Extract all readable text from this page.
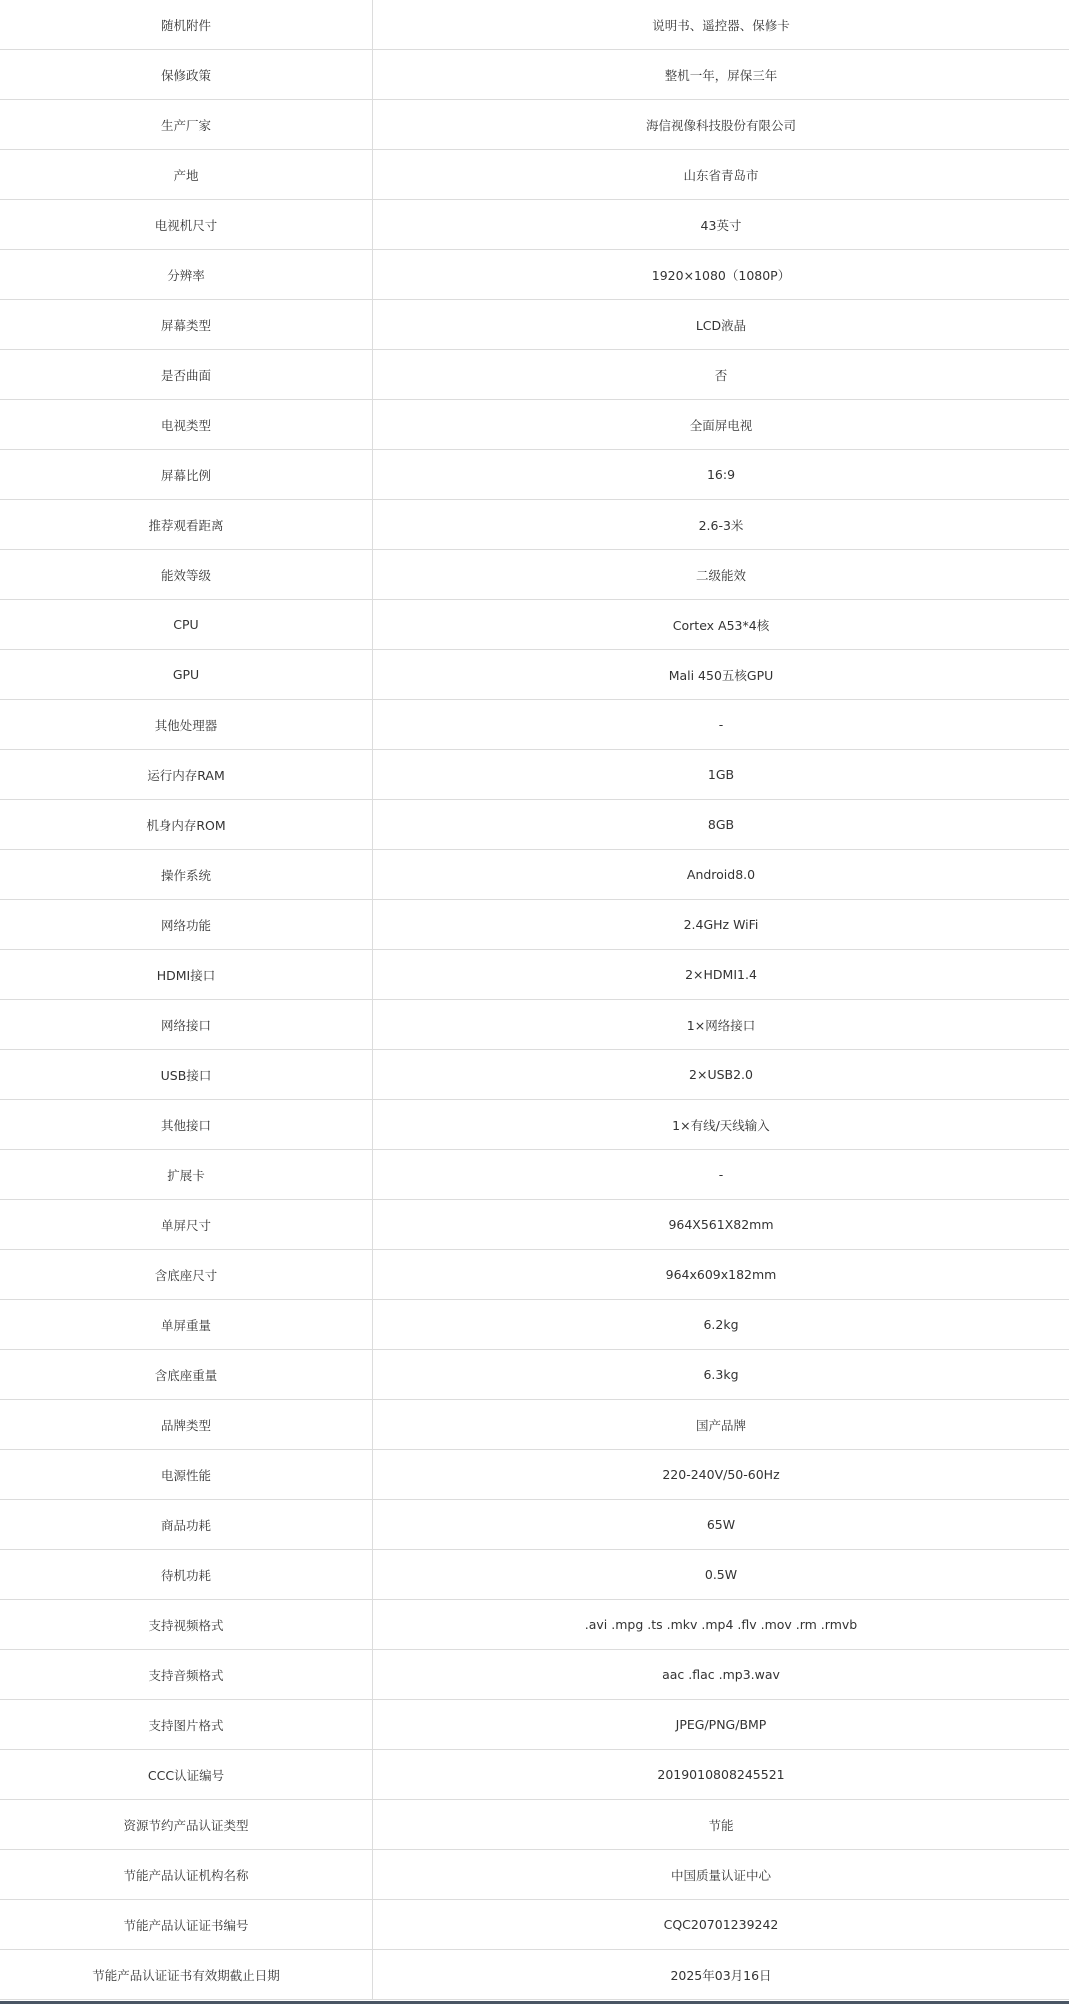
随机附件	说明书、遥控器、保修卡
保修政策	整机一年，屏保三年
生产厂家	海信视像科技股份有限公司
产地	山东省青岛市
电视机尺寸	43英寸
分辨率	1920×1080（1080P）
屏幕类型	LCD液晶
是否曲面	否
电视类型	全面屏电视
屏幕比例	16:9
推荐观看距离	2.6-3米
能效等级	二级能效
CPU	Cortex A53*4核
GPU	Mali 450五核GPU
其他处理器	-
运行内存RAM	1GB
机身内存ROM	8GB
操作系统	Android8.0
网络功能	2.4GHz WiFi
HDMI接口	2×HDMI1.4
网络接口	1×网络接口
USB接口	2×USB2.0
其他接口	1×有线/天线输入
扩展卡	-
单屏尺寸	964X561X82mm
含底座尺寸	964x609x182mm
单屏重量	6.2kg
含底座重量	6.3kg
品牌类型	国产品牌
电源性能	220-240V/50-60Hz
商品功耗	65W
待机功耗	0.5W
支持视频格式	.avi .mpg .ts .mkv .mp4 .flv .mov .rm .rmvb
支持音频格式	aac .flac .mp3.wav
支持图片格式	JPEG/PNG/BMP
CCC认证编号	2019010808245521
资源节约产品认证类型	节能
节能产品认证机构名称	中国质量认证中心
节能产品认证证书编号	CQC20701239242
节能产品认证证书有效期截止日期	2025年03月16日
